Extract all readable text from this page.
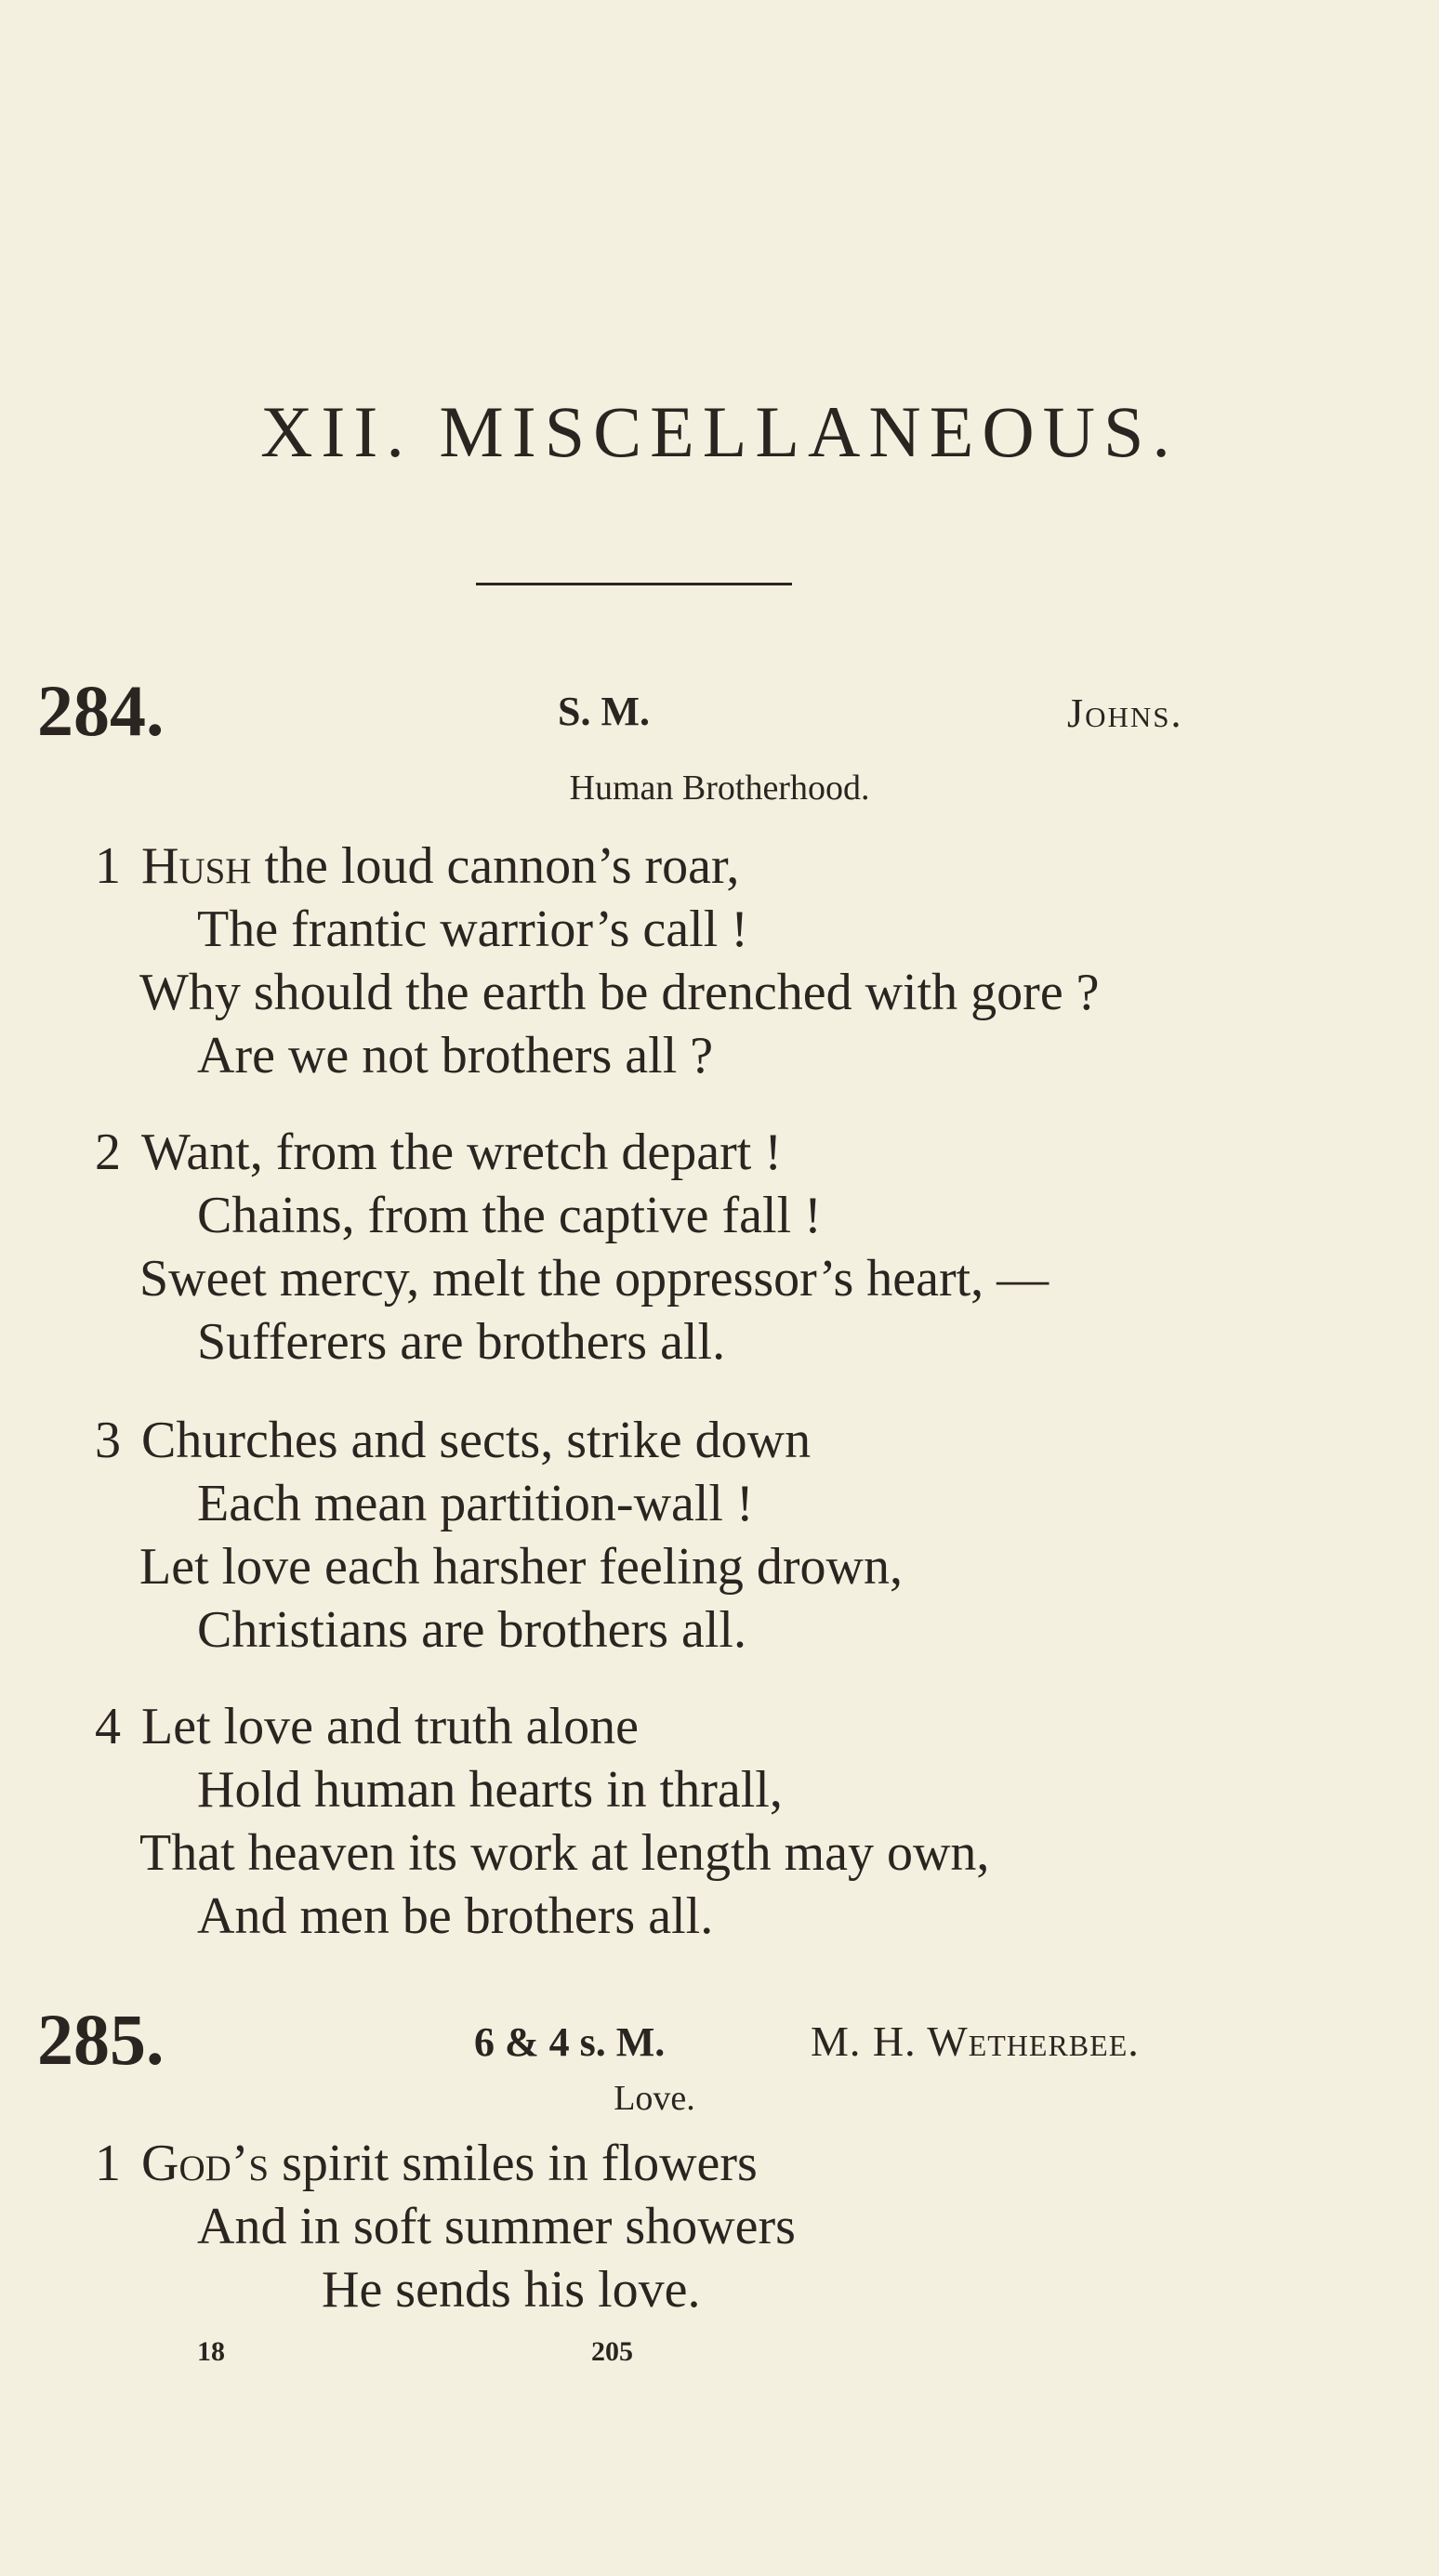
XII. MISCELLANEOUS.
284.	S. M.	Johns.
Human Brotherhood.
1 Hush the loud cannon’s roar,
The frantic warrior’s call !
Why should the earth be drenched with gore ?
Are we not brothers all ?
2 Want, from the wretch depart !
Chains, from the captive fall !
Sweet mercy, melt the oppressor’s heart, —
Sufferers are brothers all.
3 Churches and sects, strike down
Each mean partition-wall !
Let love each harsher feeling drown,
Christians are brothers all.
4 Let love and truth alone
Hold human hearts in thrall,
That heaven its work at length may own,
And men be brothers all.
285.	6 & 4 s. M.	M. H. Wetherbee.
Love.
1 God’s spirit smiles in flowers
And in soft summer showers
He sends his love.
18	205
